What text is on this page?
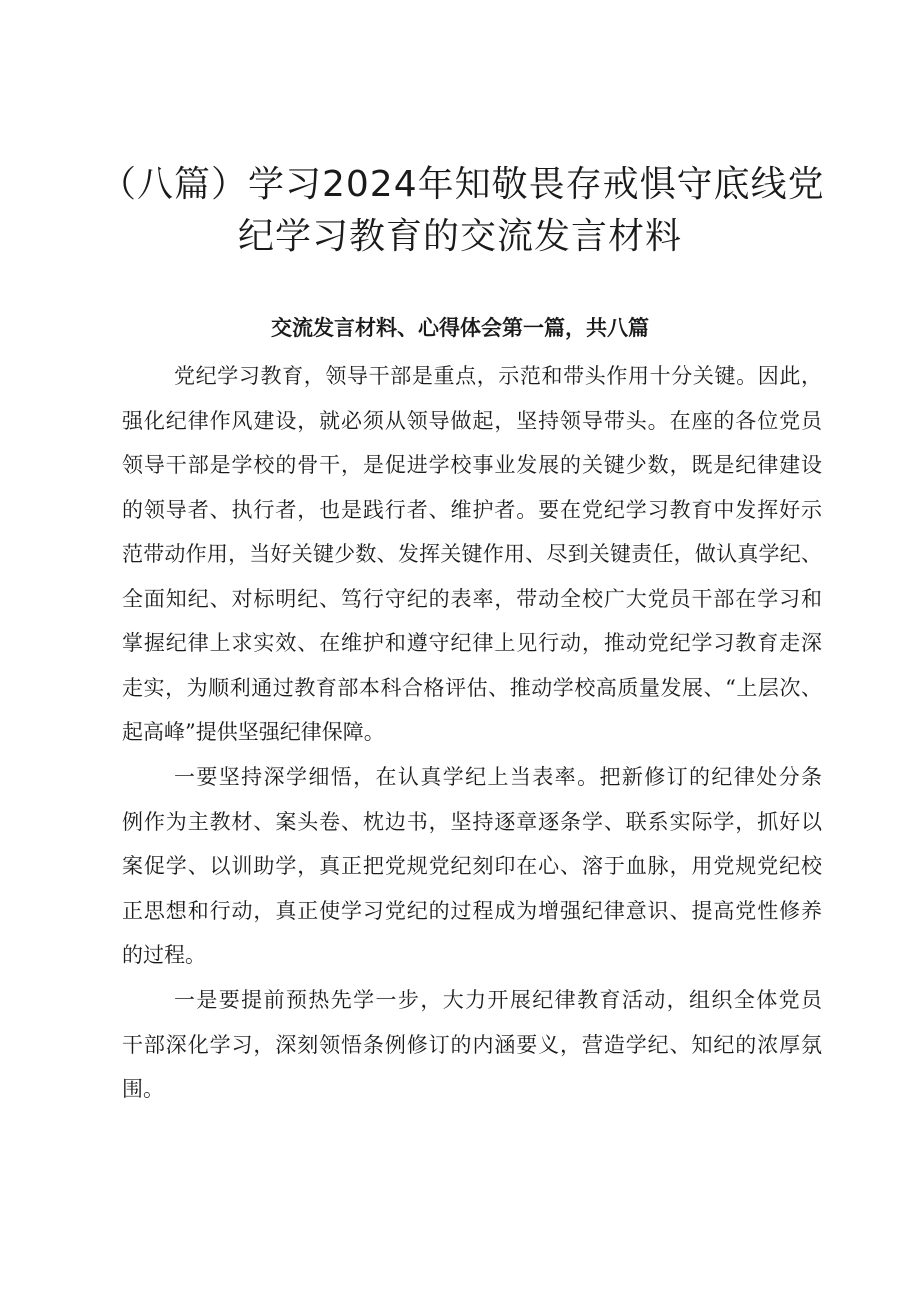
（八篇）学习2024年知敬畏存戒惧守底线党
纪学习教育的交流发言材料
交流发言材料、心得体会第一篇，共八篇
党纪学习教育，领导干部是重点，示范和带头作用十分关键。因此，
强化纪律作风建设，就必须从领导做起，坚持领导带头。在座的各位党员
领导干部是学校的骨干，是促进学校事业发展的关键少数，既是纪律建设
的领导者、执行者，也是践行者、维护者。要在党纪学习教育中发挥好示
范带动作用，当好关键少数、发挥关键作用、尽到关键责任，做认真学纪、
全面知纪、对标明纪、笃行守纪的表率，带动全校广大党员干部在学习和
掌握纪律上求实效、在维护和遵守纪律上见行动，推动党纪学习教育走深
走实，为顺利通过教育部本科合格评估、推动学校高质量发展、“上层次、
起高峰”提供坚强纪律保障。
一要坚持深学细悟，在认真学纪上当表率。把新修订的纪律处分条
例作为主教材、案头卷、枕边书，坚持逐章逐条学、联系实际学，抓好以
案促学、以训助学，真正把党规党纪刻印在心、溶于血脉，用党规党纪校
正思想和行动，真正使学习党纪的过程成为增强纪律意识、提高党性修养
的过程。
一是要提前预热先学一步，大力开展纪律教育活动，组织全体党员
干部深化学习，深刻领悟条例修订的内涵要义，营造学纪、知纪的浓厚氛
围。
